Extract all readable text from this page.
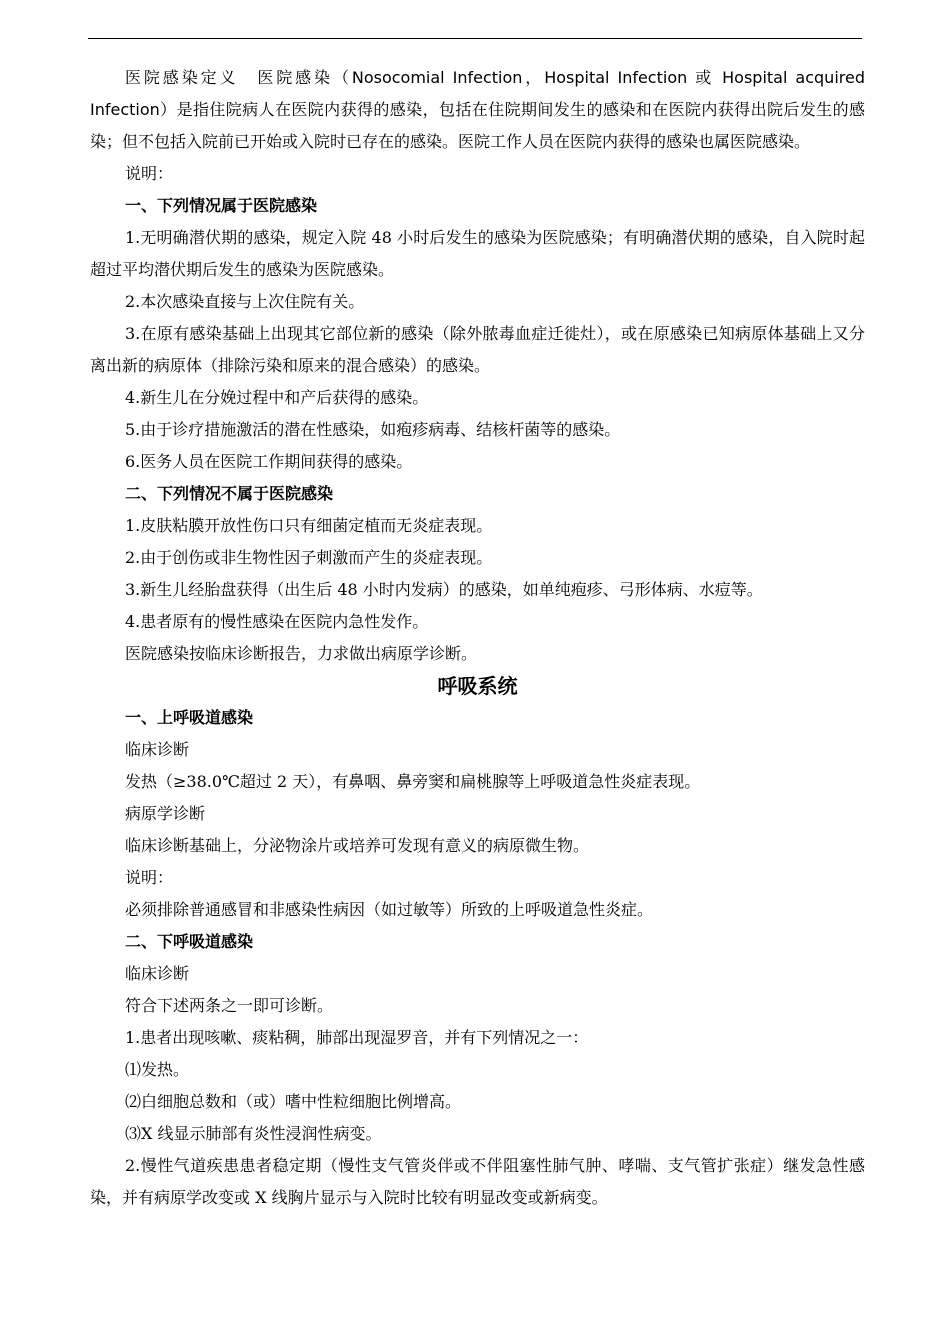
医院感染定义　医院感染（Nosocomial Infection，Hospital Infection 或 Hospital acquired Infection）是指住院病人在医院内获得的感染，包括在住院期间发生的感染和在医院内获得出院后发生的感染；但不包括入院前已开始或入院时已存在的感染。医院工作人员在医院内获得的感染也属医院感染。

说明：

一、下列情况属于医院感染

1.无明确潜伏期的感染，规定入院 48 小时后发生的感染为医院感染；有明确潜伏期的感染，自入院时起超过平均潜伏期后发生的感染为医院感染。

2.本次感染直接与上次住院有关。

3.在原有感染基础上出现其它部位新的感染（除外脓毒血症迁徙灶），或在原感染已知病原体基础上又分离出新的病原体（排除污染和原来的混合感染）的感染。

4.新生儿在分娩过程中和产后获得的感染。

5.由于诊疗措施激活的潜在性感染，如疱疹病毒、结核杆菌等的感染。

6.医务人员在医院工作期间获得的感染。

二、下列情况不属于医院感染

1.皮肤粘膜开放性伤口只有细菌定植而无炎症表现。

2.由于创伤或非生物性因子刺激而产生的炎症表现。

3.新生儿经胎盘获得（出生后 48 小时内发病）的感染，如单纯疱疹、弓形体病、水痘等。

4.患者原有的慢性感染在医院内急性发作。

医院感染按临床诊断报告，力求做出病原学诊断。

呼吸系统

一、上呼吸道感染

临床诊断

发热（≥38.0℃超过 2 天），有鼻咽、鼻旁窦和扁桃腺等上呼吸道急性炎症表现。

病原学诊断

临床诊断基础上，分泌物涂片或培养可发现有意义的病原微生物。

说明：

必须排除普通感冒和非感染性病因（如过敏等）所致的上呼吸道急性炎症。

二、下呼吸道感染

临床诊断

符合下述两条之一即可诊断。

1.患者出现咳嗽、痰粘稠，肺部出现湿罗音，并有下列情况之一：

⑴发热。

⑵白细胞总数和（或）嗜中性粒细胞比例增高。

⑶X 线显示肺部有炎性浸润性病变。

2.慢性气道疾患患者稳定期（慢性支气管炎伴或不伴阻塞性肺气肿、哮喘、支气管扩张症）继发急性感染，并有病原学改变或 X 线胸片显示与入院时比较有明显改变或新病变。
